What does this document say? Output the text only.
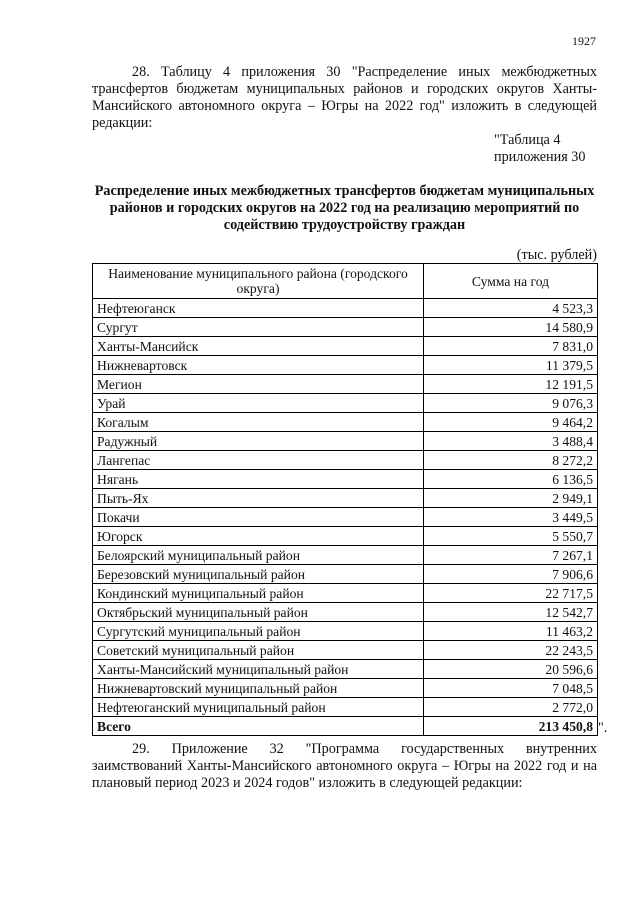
1927
28. Таблицу 4 приложения 30 "Распределение иных межбюджетных трансфертов бюджетам муниципальных районов и городских округов Ханты-Мансийского автономного округа – Югры на 2022 год" изложить в следующей редакции:
"Таблица 4
приложения 30
Распределение иных межбюджетных трансфертов бюджетам муниципальных районов и городских округов на 2022 год на реализацию мероприятий по содействию трудоустройству граждан
(тыс. рублей)
Наименование муниципального района (городского округа)	Сумма на год
Нефтеюганск	4 523,3
Сургут	14 580,9
Ханты-Мансийск	7 831,0
Нижневартовск	11 379,5
Мегион	12 191,5
Урай	9 076,3
Когалым	9 464,2
Радужный	3 488,4
Лангепас	8 272,2
Нягань	6 136,5
Пыть-Ях	2 949,1
Покачи	3 449,5
Югорск	5 550,7
Белоярский муниципальный район	7 267,1
Березовский муниципальный район	7 906,6
Кондинский муниципальный район	22 717,5
Октябрьский муниципальный район	12 542,7
Сургутский муниципальный район	11 463,2
Советский муниципальный район	22 243,5
Ханты-Мансийский муниципальный район	20 596,6
Нижневартовский муниципальный район	7 048,5
Нефтеюганский муниципальный район	2 772,0
Всего	213 450,8 ".
29. Приложение 32 "Программа государственных внутренних заимствований Ханты-Мансийского автономного округа – Югры на 2022 год и на плановый период 2023 и 2024 годов" изложить в следующей редакции:
